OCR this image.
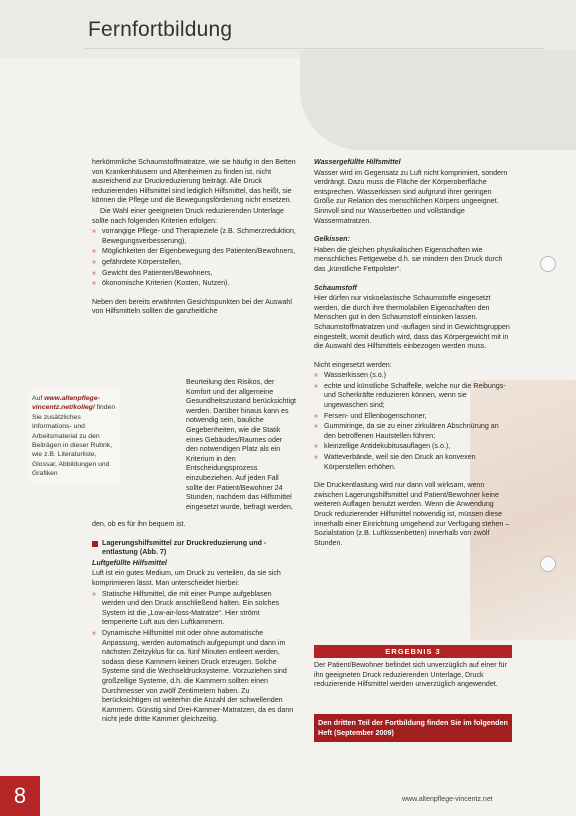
Fernfortbildung

herkömmliche Schaumstoffmatratze, wie sie häufig in den Betten von Krankenhäusern und Altenheimen zu finden ist, nicht ausreichend zur Druckreduzierung beiträgt. Alle Druck reduzierenden Hilfsmittel sind lediglich Hilfsmittel, das heißt, sie können die Pflege und die Bewegungsförderung nicht ersetzen.

Die Wahl einer geeigneten Druck reduzierenden Unterlage sollte nach folgenden Kriterien erfolgen:

» vorrangige Pflege- und Therapieziele (z.B. Schmerzreduktion, Bewegungsverbesserung),
» Möglichkeiten der Eigenbewegung des Patienten/Bewohners,
» gefährdete Körperstellen,
» Gewicht des Patienten/Bewohners,
» ökonomische Kriterien (Kosten, Nutzen).

Neben den bereits erwähnten Gesichtspunkten bei der Auswahl von Hilfsmitteln sollten die ganzheitliche

Beurteilung des Risikos, der Komfort und der allgemeine Gesundheitszustand berücksichtigt werden. Darüber hinaus kann es notwendig sein, bauliche Gegebenheiten, wie die Statik eines Gebäudes/Raumes oder den notwendigen Platz als ein Kriterium in den Entscheidungsprozess einzubeziehen. Auf jeden Fall sollte der Patient/Bewohner 24 Stunden, nachdem das Hilfsmittel eingesetzt wurde, befragt werden,

den, ob es für ihn bequem ist.

Lagerungshilfsmittel zur Druckreduzierung und -entlastung (Abb. 7)

Luftgefüllte Hilfsmittel

Luft ist ein gutes Medium, um Druck zu verteilen, da sie sich komprimieren lässt. Man unterscheidet hierbei:

» Statische Hilfsmittel, die mit einer Pumpe aufgeblasen werden und den Druck anschließend halten. Ein solches System ist die „Low-air-loss-Matratze“. Hier strömt temperierte Luft aus den Luftkammern.
» Dynamische Hilfsmittel mit oder ohne automatische Anpassung, werden automatisch aufgepumpt und dann im nächsten Zeitzyklus für ca. fünf Minuten entleert werden, sodass diese Kammern keinen Druck erzeugen. Solche Systeme sind die Wechseldrucksysteme. Vorzuziehen sind großzellige Systeme, d.h. die Kammern sollten einen Durchmesser von zwölf Zentimetern haben. Zu berücksichtigen ist weiterhin die Anzahl der schwellenden Kammern. Günstig sind Drei-Kammer-Matratzen, da es dann nicht jede dritte Kammer gleichzeitig.
Auf www.altenpflege-vincentz.net/kolleg/ finden Sie zusätzliches Informations- und Arbeitsmaterial zu den Beiträgen in dieser Rubrik, wie z.B. Literaturliste, Glossar, Abbildungen und Grafiken

Wassergefüllte Hilfsmittel

Wasser wird im Gegensatz zu Luft nicht komprimiert, sondern verdrängt. Dazu muss die Fläche der Körperoberfläche entsprechen. Wasserkissen sind aufgrund ihrer geringen Größe zur Relation des menschlichen Körpers ungeeignet. Sinnvoll sind nur Wasserbetten und vollständige Wassermatratzen.

Gelkissen:

Haben die gleichen physikalischen Eigenschaften wie menschliches Fettgewebe d.h. sie mindern den Druck durch das „künstliche Fettpolster“.

Schaumstoff

Hier dürfen nur viskoelastische Schaumstoffe eingesetzt werden, die durch ihre thermolabilen Eigenschaften den Menschen gut in den Schaumstoff einsinken lassen. Schaumstoffmatratzen und -auflagen sind in Gewichtsgruppen eingestellt, womit deutlich wird, dass das Körpergewicht mit in die Auswahl des Hilfsmittels einbezogen werden muss.

Nicht eingesetzt werden:

» Wasserkissen (s.o.)
» echte und künstliche Schaffelle, welche nur die Reibungs- und Scherkräfte reduzieren können, wenn sie ungewaschen sind;
» Fersen- und Ellenbogenschoner,
» Gummiringe, da sie zu einer zirkulären Abschnürung an den betroffenen Hautstellen führen;
» kleinzellige Antidekubitusauflagen (s.o.),
» Watteverbände, weil sie den Druck an konvexen Körperstellen erhöhen.

Die Druckentlastung wird nur dann voll wirksam, wenn zwischen Lagerungshilfsmittel und Patient/Bewohner keine weiteren Auflagen benutzt werden. Wenn die Anwendung Druck reduzierender Hilfsmittel notwendig ist, müssen diese innerhalb einer Einrichtung umgehend zur Verfügung stehen – Sozialstation (z.B. Luftkissenbetten) innerhalb von zwölf Stunden.

ERGEBNIS 3
Der Patient/Bewohner befindet sich unverzüglich auf einer für ihn geeigneten Druck reduzierenden Unterlage, Druck reduzierende Hilfsmittel werden unverzüglich angewendet.
Den dritten Teil der Fortbildung finden Sie im folgenden Heft (September 2009)
8	www.altenpflege-vincentz.net
